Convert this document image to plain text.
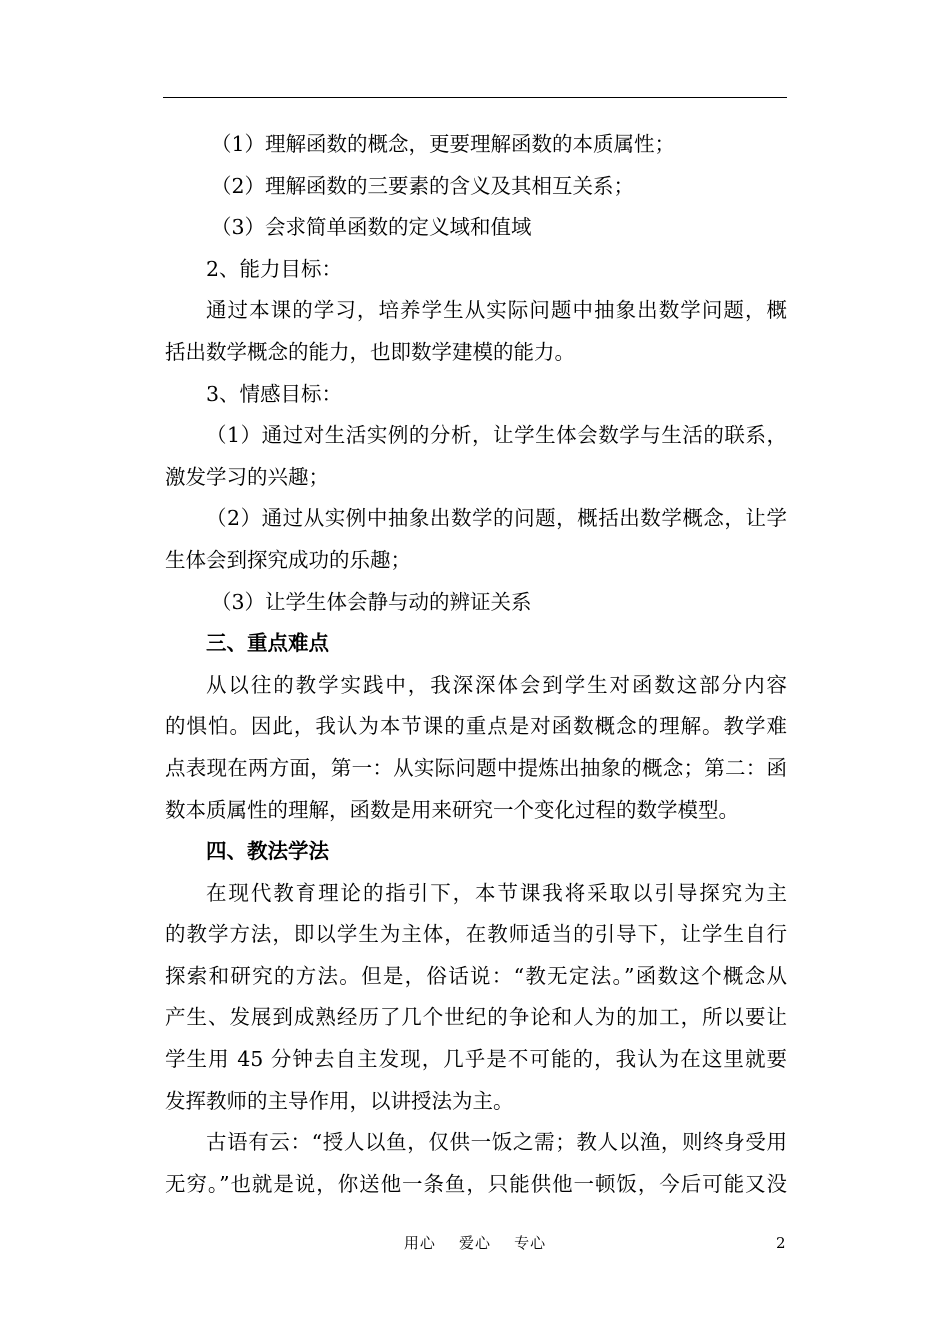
（1）理解函数的概念，更要理解函数的本质属性；
（2）理解函数的三要素的含义及其相互关系；
（3）会求简单函数的定义域和值域
2、能力目标：
通过本课的学习，培养学生从实际问题中抽象出数学问题，概
括出数学概念的能力，也即数学建模的能力。
3、情感目标：
（1）通过对生活实例的分析，让学生体会数学与生活的联系，
激发学习的兴趣；
（2）通过从实例中抽象出数学的问题，概括出数学概念，让学
生体会到探究成功的乐趣；
（3）让学生体会静与动的辨证关系
三、重点难点
从以往的教学实践中，我深深体会到学生对函数这部分内容
的惧怕。因此，我认为本节课的重点是对函数概念的理解。教学难
点表现在两方面，第一：从实际问题中提炼出抽象的概念；第二：函
数本质属性的理解，函数是用来研究一个变化过程的数学模型。
四、教法学法
在现代教育理论的指引下，本节课我将采取以引导探究为主
的教学方法，即以学生为主体，在教师适当的引导下，让学生自行
探索和研究的方法。但是，俗话说：“教无定法。”函数这个概念从
产生、发展到成熟经历了几个世纪的争论和人为的加工，所以要让
学生用 45 分钟去自主发现，几乎是不可能的，我认为在这里就要
发挥教师的主导作用，以讲授法为主。
古语有云：“授人以鱼，仅供一饭之需；教人以渔，则终身受用
无穷。”也就是说，你送他一条鱼，只能供他一顿饭，今后可能又没
用心    爱心    专心	2
